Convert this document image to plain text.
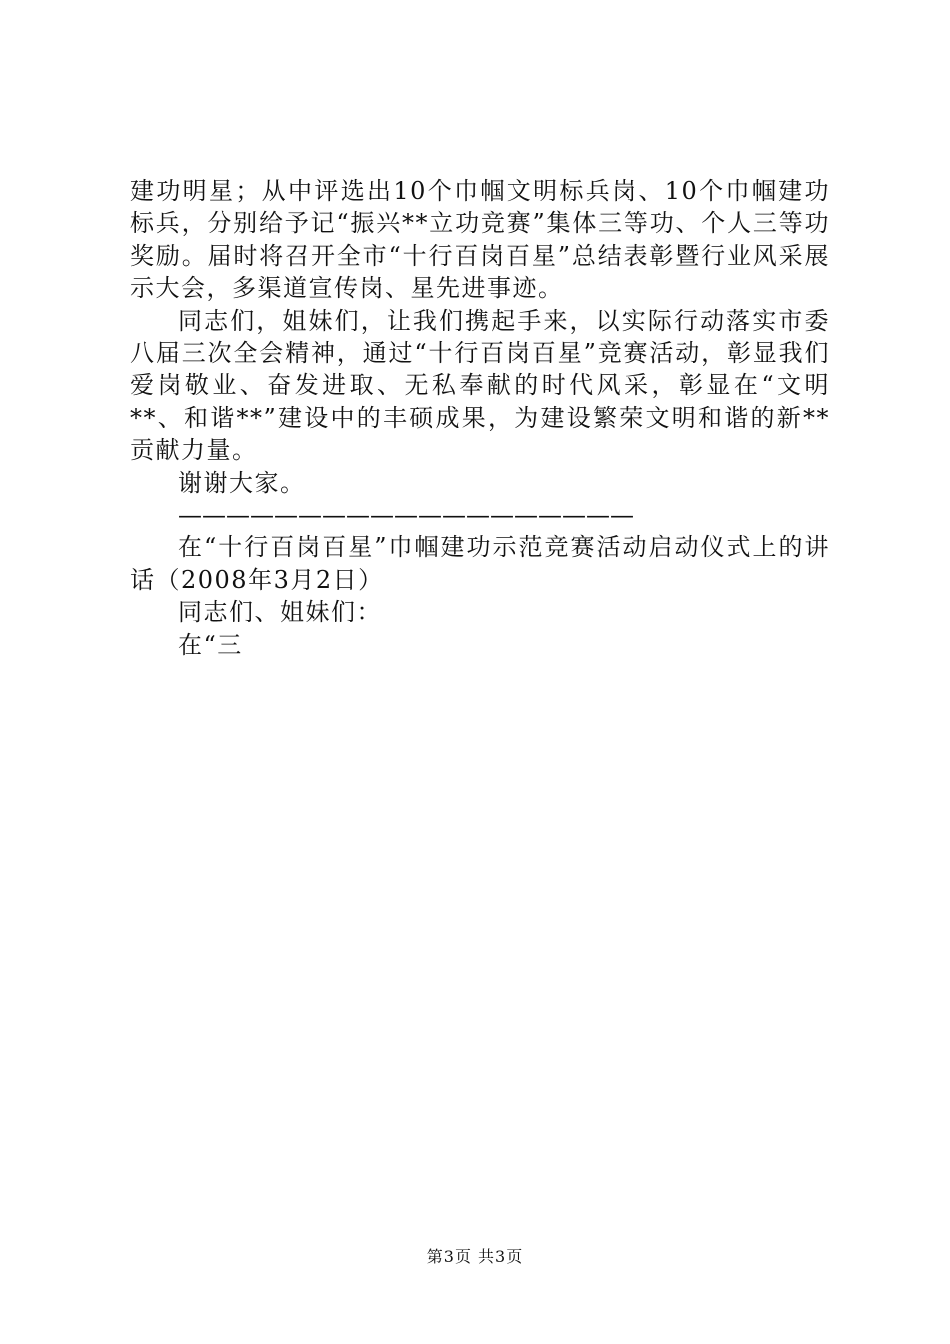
建功明星；从中评选出10个巾帼文明标兵岗、10个巾帼建功标兵，分别给予记“振兴**立功竞赛”集体三等功、个人三等功奖励。届时将召开全市“十行百岗百星”总结表彰暨行业风采展示大会，多渠道宣传岗、星先进事迹。

同志们，姐妹们，让我们携起手来，以实际行动落实市委八届三次全会精神，通过“十行百岗百星”竞赛活动，彰显我们爱岗敬业、奋发进取、无私奉献的时代风采，彰显在“文明**、和谐**”建设中的丰硕成果，为建设繁荣文明和谐的新**贡献力量。

谢谢大家。

———————————————————

在“十行百岗百星”巾帼建功示范竞赛活动启动仪式上的讲话（2008年3月2日）

同志们、姐妹们：

在“三

第3页 共3页
